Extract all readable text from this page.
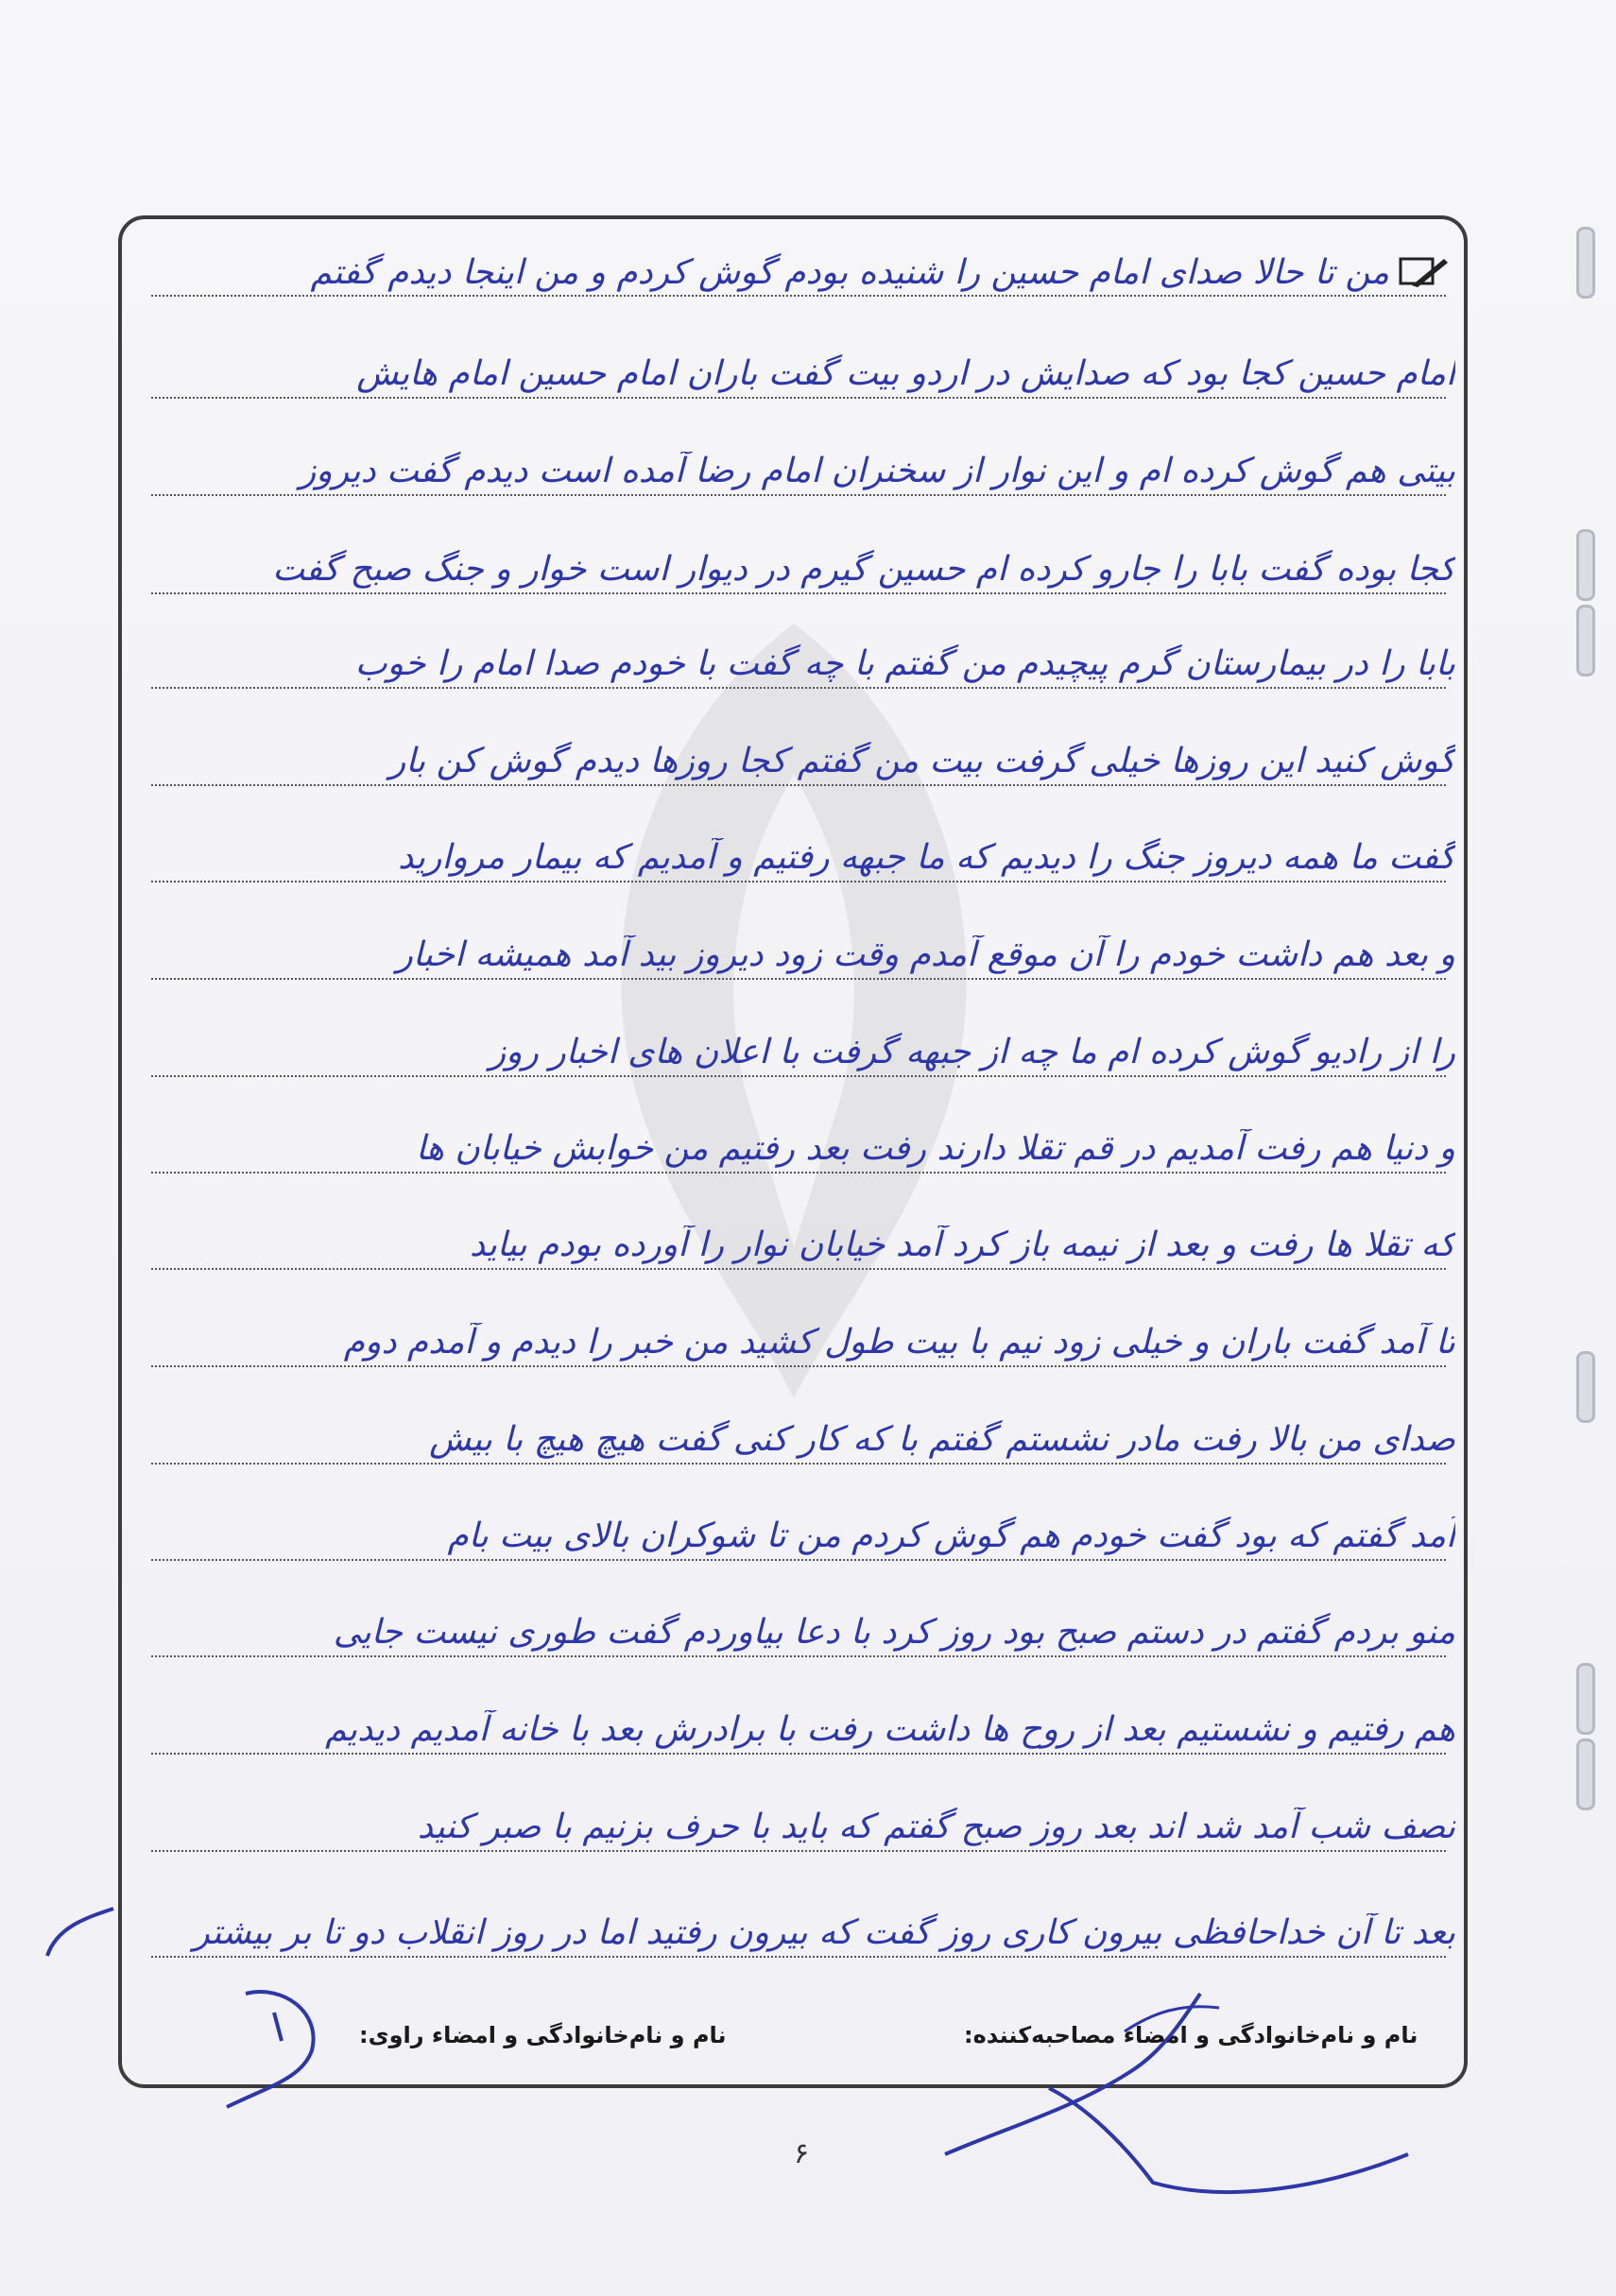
من تا حالا صدای امام حسین را شنیده بودم گوش کردم و من اینجا دیدم گفتم
امام حسین کجا بود که صدایش در اردو بیت گفت باران امام حسین امام هایش
بیتی هم گوش کرده ام و این نوار از سخنران امام رضا آمده است دیدم گفت دیروز
کجا بوده گفت بابا را جارو کرده ام حسین گیرم در دیوار است خوار و جنگ صبح گفت
بابا را در بیمارستان گرم پیچیدم من گفتم با چه گفت با خودم صدا امام را خوب
گوش کنید این روزها خیلی گرفت بیت من گفتم کجا روزها دیدم گوش کن بار
گفت ما همه دیروز جنگ را دیدیم که ما جبهه رفتیم و آمدیم که بیمار مروارید
و بعد هم داشت خودم را آن موقع آمدم وقت زود دیروز بید آمد همیشه اخبار
را از رادیو گوش کرده ام ما چه از جبهه گرفت با اعلان های اخبار روز
و دنیا هم رفت آمدیم در قم تقلا دارند رفت بعد رفتیم من خوابش خیابان ها
که تقلا ها رفت و بعد از نیمه باز کرد آمد خیابان نوار را آورده بودم بیاید
تا آمد گفت باران و خیلی زود نیم با بیت طول کشید من خبر را دیدم و آمدم دوم
صدای من بالا رفت مادر نشستم گفتم با که کار کنی گفت هیچ هیچ با بیش
آمد گفتم که بود گفت خودم هم گوش کردم من تا شوکران بالای بیت بام
منو بردم گفتم در دستم صبح بود روز کرد با دعا بیاوردم گفت طوری نیست جایی
هم رفتیم و نشستیم بعد از روح ها داشت رفت با برادرش بعد با خانه آمدیم دیدیم
نصف شب آمد شد اند بعد روز صبح گفتم که باید با حرف بزنیم با صبر کنید
بعد تا آن خداحافظی بیرون کاری روز گفت که بیرون رفتید اما در روز انقلاب دو تا بر بیشتر
نام و نام‌خانوادگی و امضاء مصاحبه‌کننده:
نام و نام‌خانوادگی و امضاء راوی:
۶
